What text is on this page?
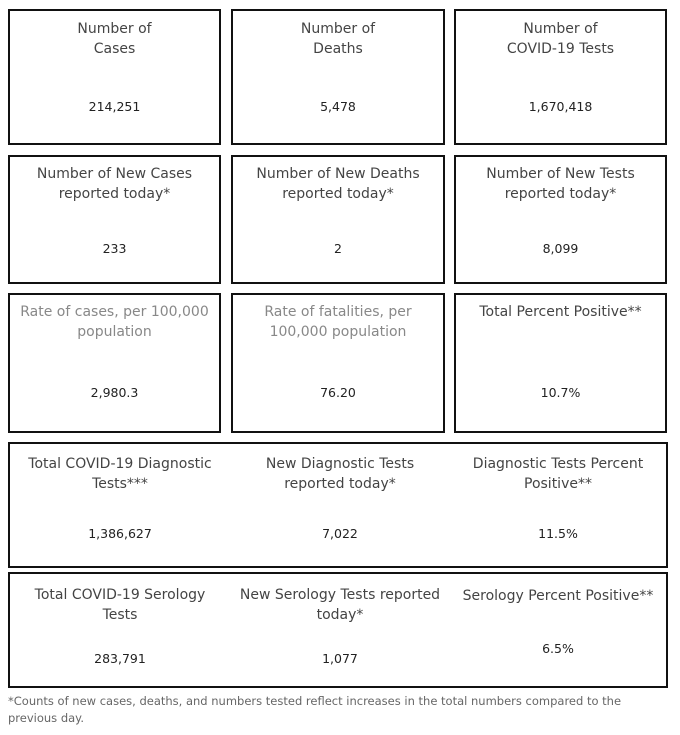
Number of
Cases
214,251
Number of
Deaths
5,478
Number of
COVID-19 Tests
1,670,418
Number of New Cases
reported today*
233
Number of New Deaths
reported today*
2
Number of New Tests
reported today*
8,099
Rate of cases, per 100,000
population
2,980.3
Rate of fatalities, per
100,000 population
76.20
Total Percent Positive**
10.7%
Total COVID-19 Diagnostic
Tests***
1,386,627
New Diagnostic Tests
reported today*
7,022
Diagnostic Tests Percent
Positive**
11.5%
Total COVID-19 Serology
Tests
283,791
New Serology Tests reported
today*
1,077
Serology Percent Positive**
6.5%
*Counts of new cases, deaths, and numbers tested reflect increases in the total numbers compared to the previous day.
